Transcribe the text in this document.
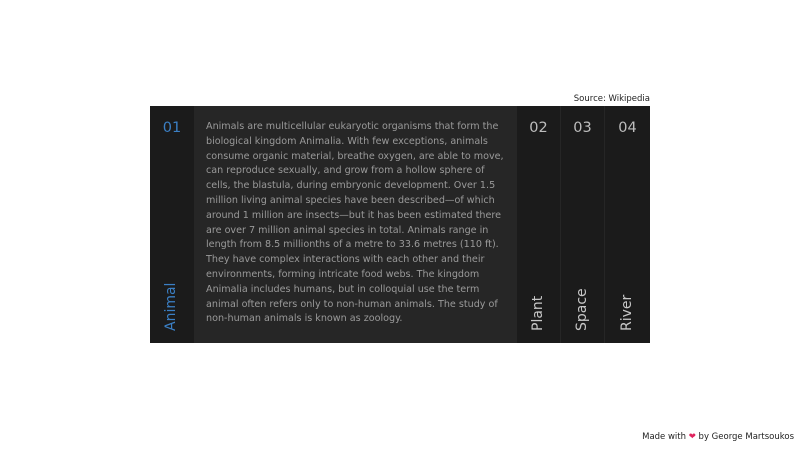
Source: Wikipedia
01
Animal

Animals are multicellular eukaryotic organisms that form the biological kingdom Animalia. With few exceptions, animals consume organic material, breathe oxygen, are able to move, can reproduce sexually, and grow from a hollow sphere of cells, the blastula, during embryonic development. Over 1.5 million living animal species have been described—of which around 1 million are insects—but it has been estimated there are over 7 million animal species in total. Animals range in length from 8.5 millionths of a metre to 33.6 metres (110 ft). They have complex interactions with each other and their environments, forming intricate food webs. The kingdom Animalia includes humans, but in colloquial use the term animal often refers only to non-human animals. The study of non-human animals is known as zoology.

02
Plant
03
Space
04
River
Made with ❤ by George Martsoukos
